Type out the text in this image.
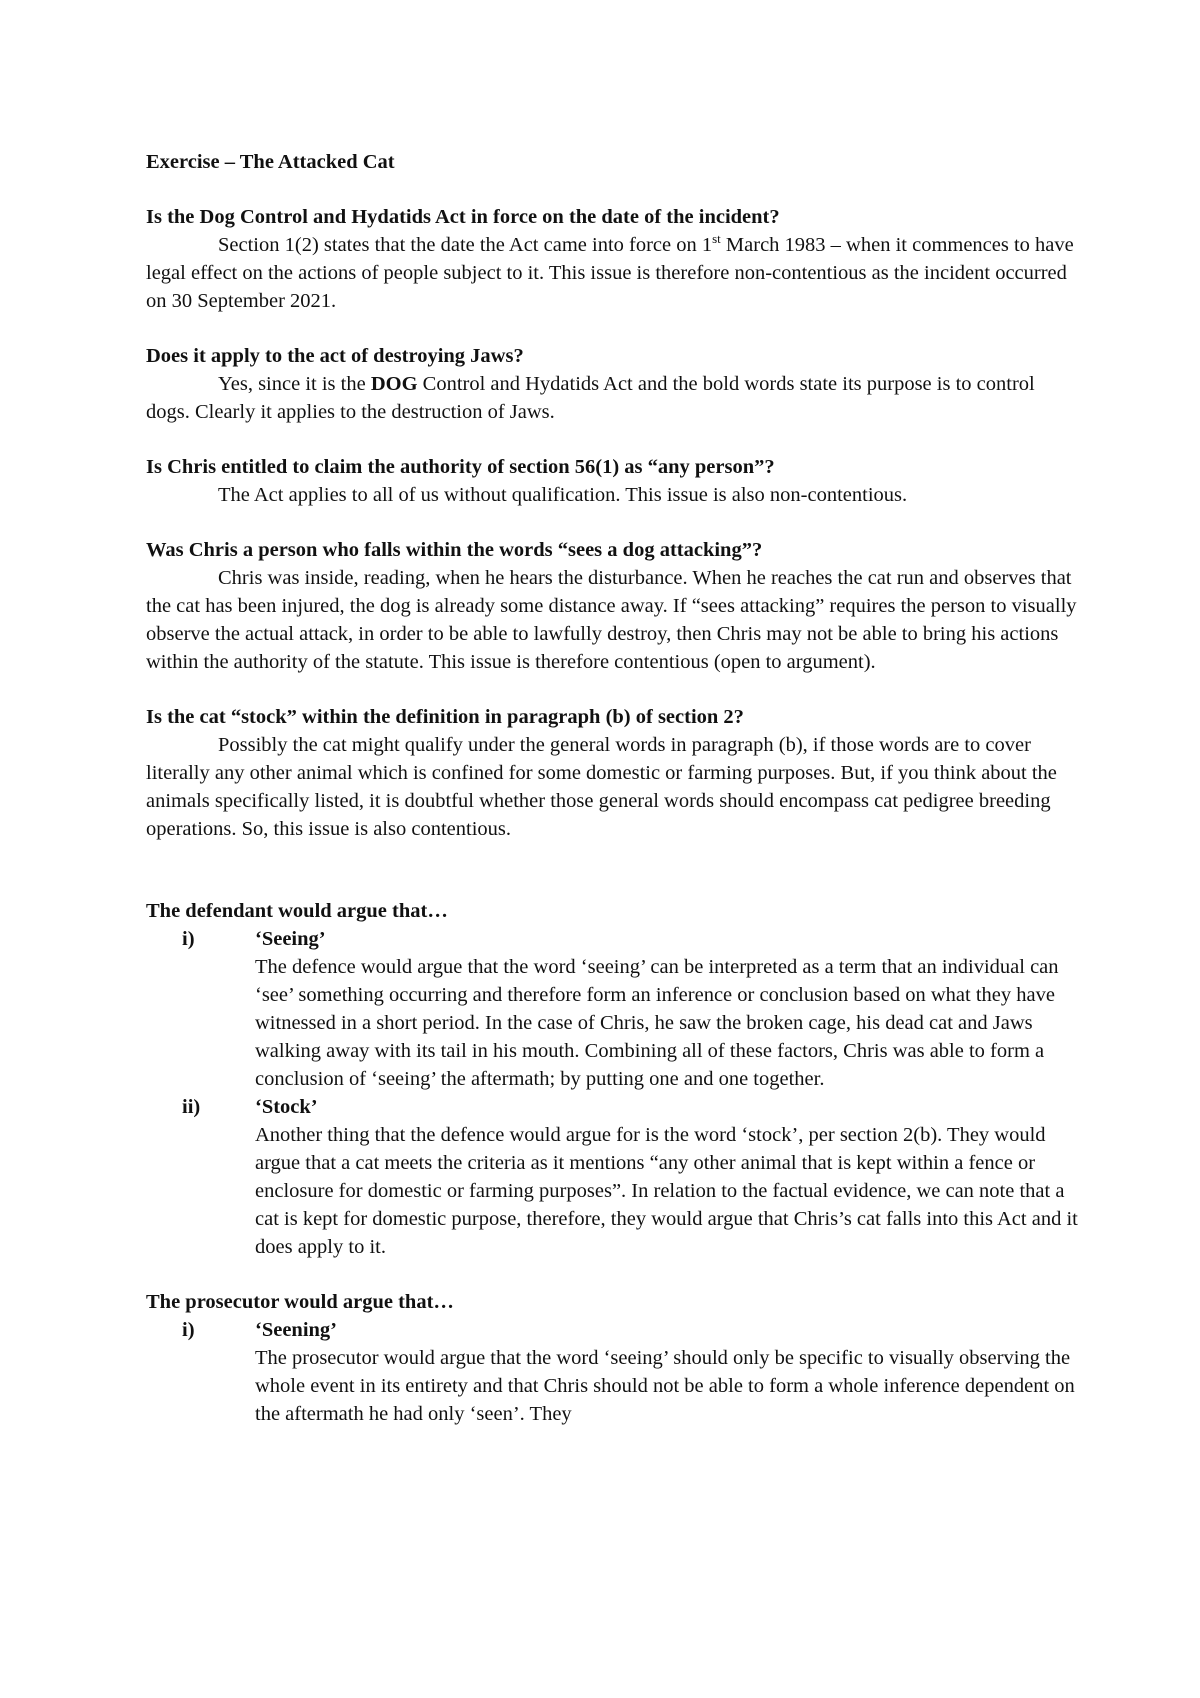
Exercise – The Attacked Cat
Is the Dog Control and Hydatids Act in force on the date of the incident?
Section 1(2) states that the date the Act came into force on 1st March 1983 – when it commences to have legal effect on the actions of people subject to it. This issue is therefore non-contentious as the incident occurred on 30 September 2021.
Does it apply to the act of destroying Jaws?
Yes, since it is the DOG Control and Hydatids Act and the bold words state its purpose is to control dogs. Clearly it applies to the destruction of Jaws.
Is Chris entitled to claim the authority of section 56(1) as “any person”?
The Act applies to all of us without qualification. This issue is also non-contentious.
Was Chris a person who falls within the words “sees a dog attacking”?
Chris was inside, reading, when he hears the disturbance. When he reaches the cat run and observes that the cat has been injured, the dog is already some distance away. If “sees attacking” requires the person to visually observe the actual attack, in order to be able to lawfully destroy, then Chris may not be able to bring his actions within the authority of the statute. This issue is therefore contentious (open to argument).
Is the cat “stock” within the definition in paragraph (b) of section 2?
Possibly the cat might qualify under the general words in paragraph (b), if those words are to cover literally any other animal which is confined for some domestic or farming purposes. But, if you think about the animals specifically listed, it is doubtful whether those general words should encompass cat pedigree breeding operations. So, this issue is also contentious.
The defendant would argue that…
i)	‘Seeing’

The defence would argue that the word ‘seeing’ can be interpreted as a term that an individual can ‘see’ something occurring and therefore form an inference or conclusion based on what they have witnessed in a short period. In the case of Chris, he saw the broken cage, his dead cat and Jaws walking away with its tail in his mouth. Combining all of these factors, Chris was able to form a conclusion of ‘seeing’ the aftermath; by putting one and one together.

ii)	‘Stock’

Another thing that the defence would argue for is the word ‘stock’, per section 2(b). They would argue that a cat meets the criteria as it mentions “any other animal that is kept within a fence or enclosure for domestic or farming purposes”. In relation to the factual evidence, we can note that a cat is kept for domestic purpose, therefore, they would argue that Chris’s cat falls into this Act and it does apply to it.

The prosecutor would argue that…
i)	‘Seening’

The prosecutor would argue that the word ‘seeing’ should only be specific to visually observing the whole event in its entirety and that Chris should not be able to form a whole inference dependent on the aftermath he had only ‘seen’. They
